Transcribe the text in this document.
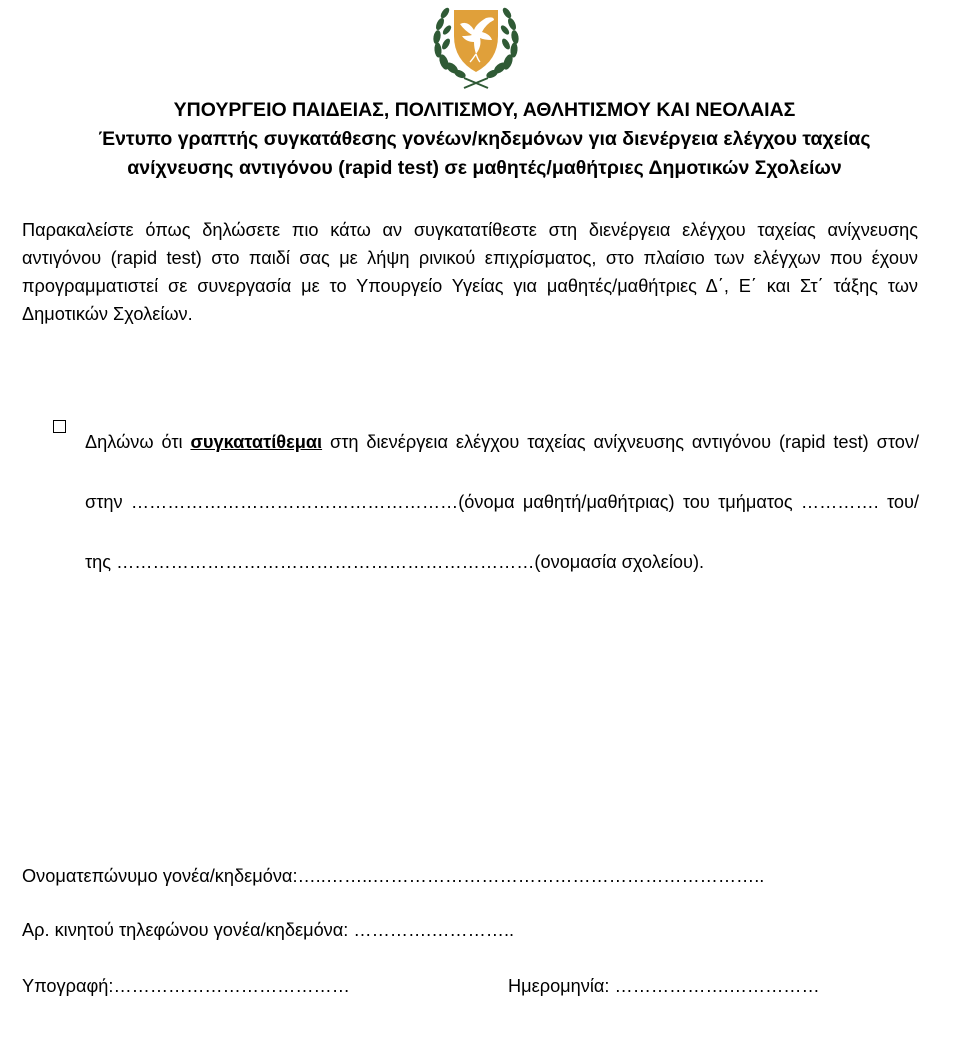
ΥΠΟΥΡΓΕΙΟ ΠΑΙΔΕΙΑΣ, ΠΟΛΙΤΙΣΜΟΥ, ΑΘΛΗΤΙΣΜΟΥ ΚΑΙ ΝΕΟΛΑΙΑΣ
Έντυπο γραπτής συγκατάθεσης γονέων/κηδεμόνων για διενέργεια ελέγχου ταχείας
ανίχνευσης αντιγόνου (rapid test) σε μαθητές/μαθήτριες Δημοτικών Σχολείων
Παρακαλείστε όπως δηλώσετε πιο κάτω αν συγκατατίθεστε στη διενέργεια ελέγχου ταχείας ανίχνευσης αντιγόνου (rapid test) στο παιδί σας με λήψη ρινικού επιχρίσματος, στο πλαίσιο των ελέγχων που έχουν προγραμματιστεί σε συνεργασία με το Υπουργείο Υγείας για μαθητές/μαθήτριες Δ΄, Ε΄ και Στ΄ τάξης των Δημοτικών Σχολείων.
Δηλώνω ότι συγκατατίθεμαι στη διενέργεια ελέγχου ταχείας ανίχνευσης αντιγόνου (rapid test) στον/στην ………………………………………………(όνομα μαθητή/μαθήτριας) του τμήματος …………. του/της ……………………………………………………………(ονομασία σχολείου).
Ονοματεπώνυμο γονέα/κηδεμόνα:…..……..………………………………………………………..
Αρ. κινητού τηλεφώνου γονέα/κηδεμόνα: ………….…………..
Υπογραφή:…………………………………	Ημερομηνία: ……………….……………
